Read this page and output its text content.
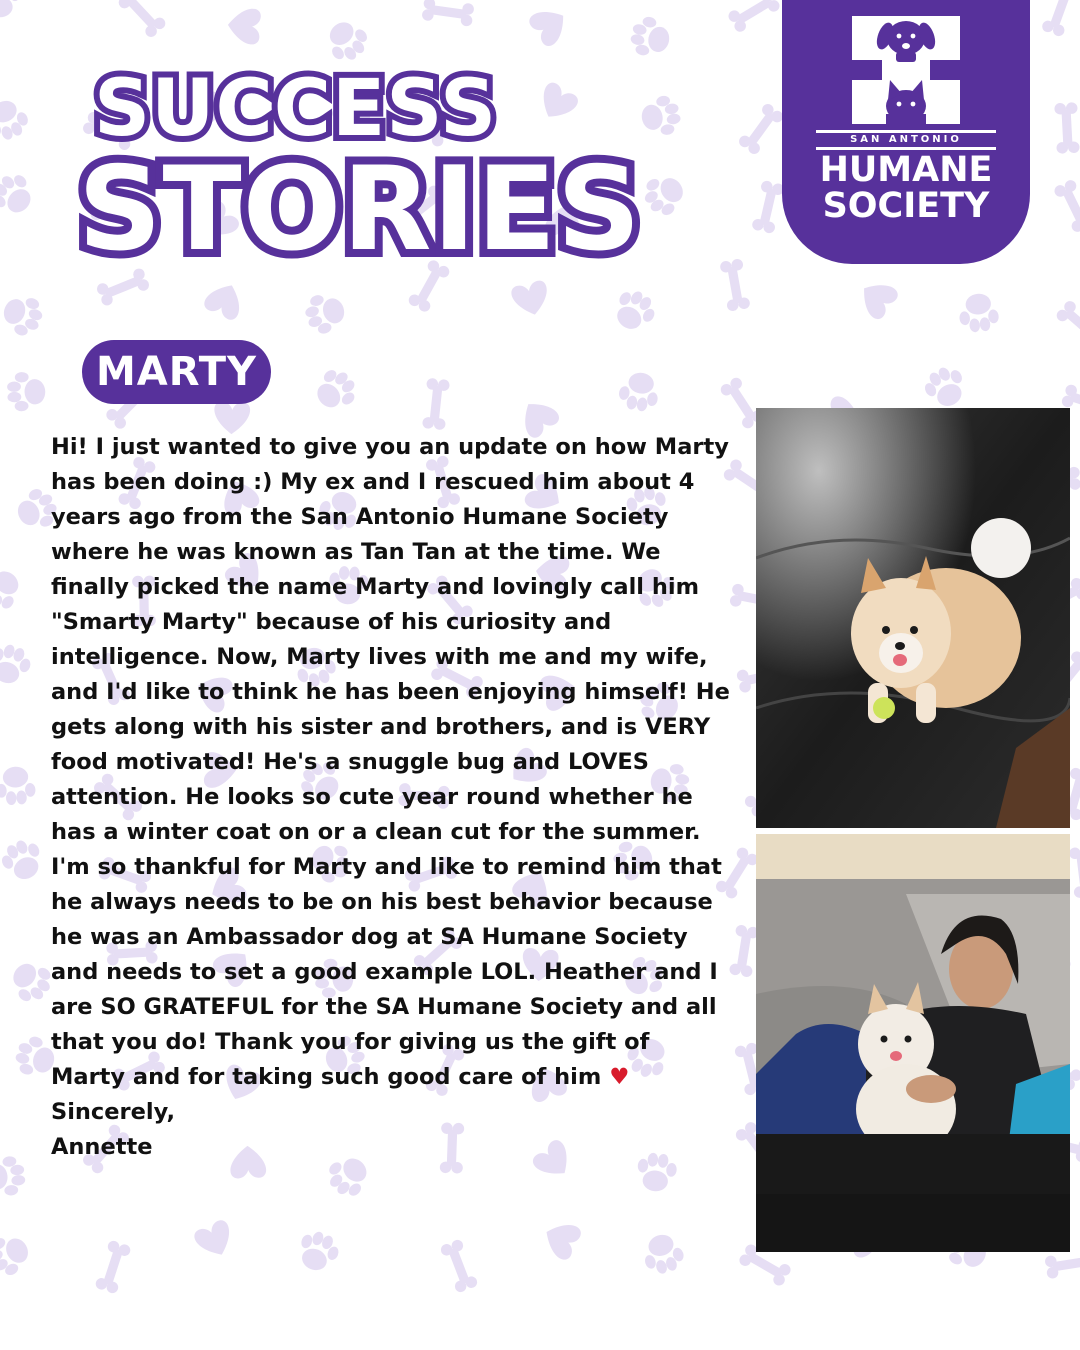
SUCCESS
STORIES
SAN ANTONIO
HUMANE
SOCIETY
MARTY

Hi! I just wanted to give you an update on how Marty has been doing :) My ex and I rescued him about 4 years ago from the San Antonio Humane Society where he was known as Tan Tan at the time. We finally picked the name Marty and lovingly call him "Smarty Marty" because of his curiosity and intelligence. Now, Marty lives with me and my wife, and I'd like to think he has been enjoying himself! He gets along with his sister and brothers, and is VERY food motivated! He's a snuggle bug and LOVES attention. He looks so cute year round whether he has a winter coat on or a clean cut for the summer. I'm so thankful for Marty and like to remind him that he always needs to be on his best behavior because he was an Ambassador dog at SA Humane Society and needs to set a good example LOL. Heather and I are SO GRATEFUL for the SA Humane Society and all that you do! Thank you for giving us the gift of Marty and for taking such good care of him ♥

Sincerely,

Annette
